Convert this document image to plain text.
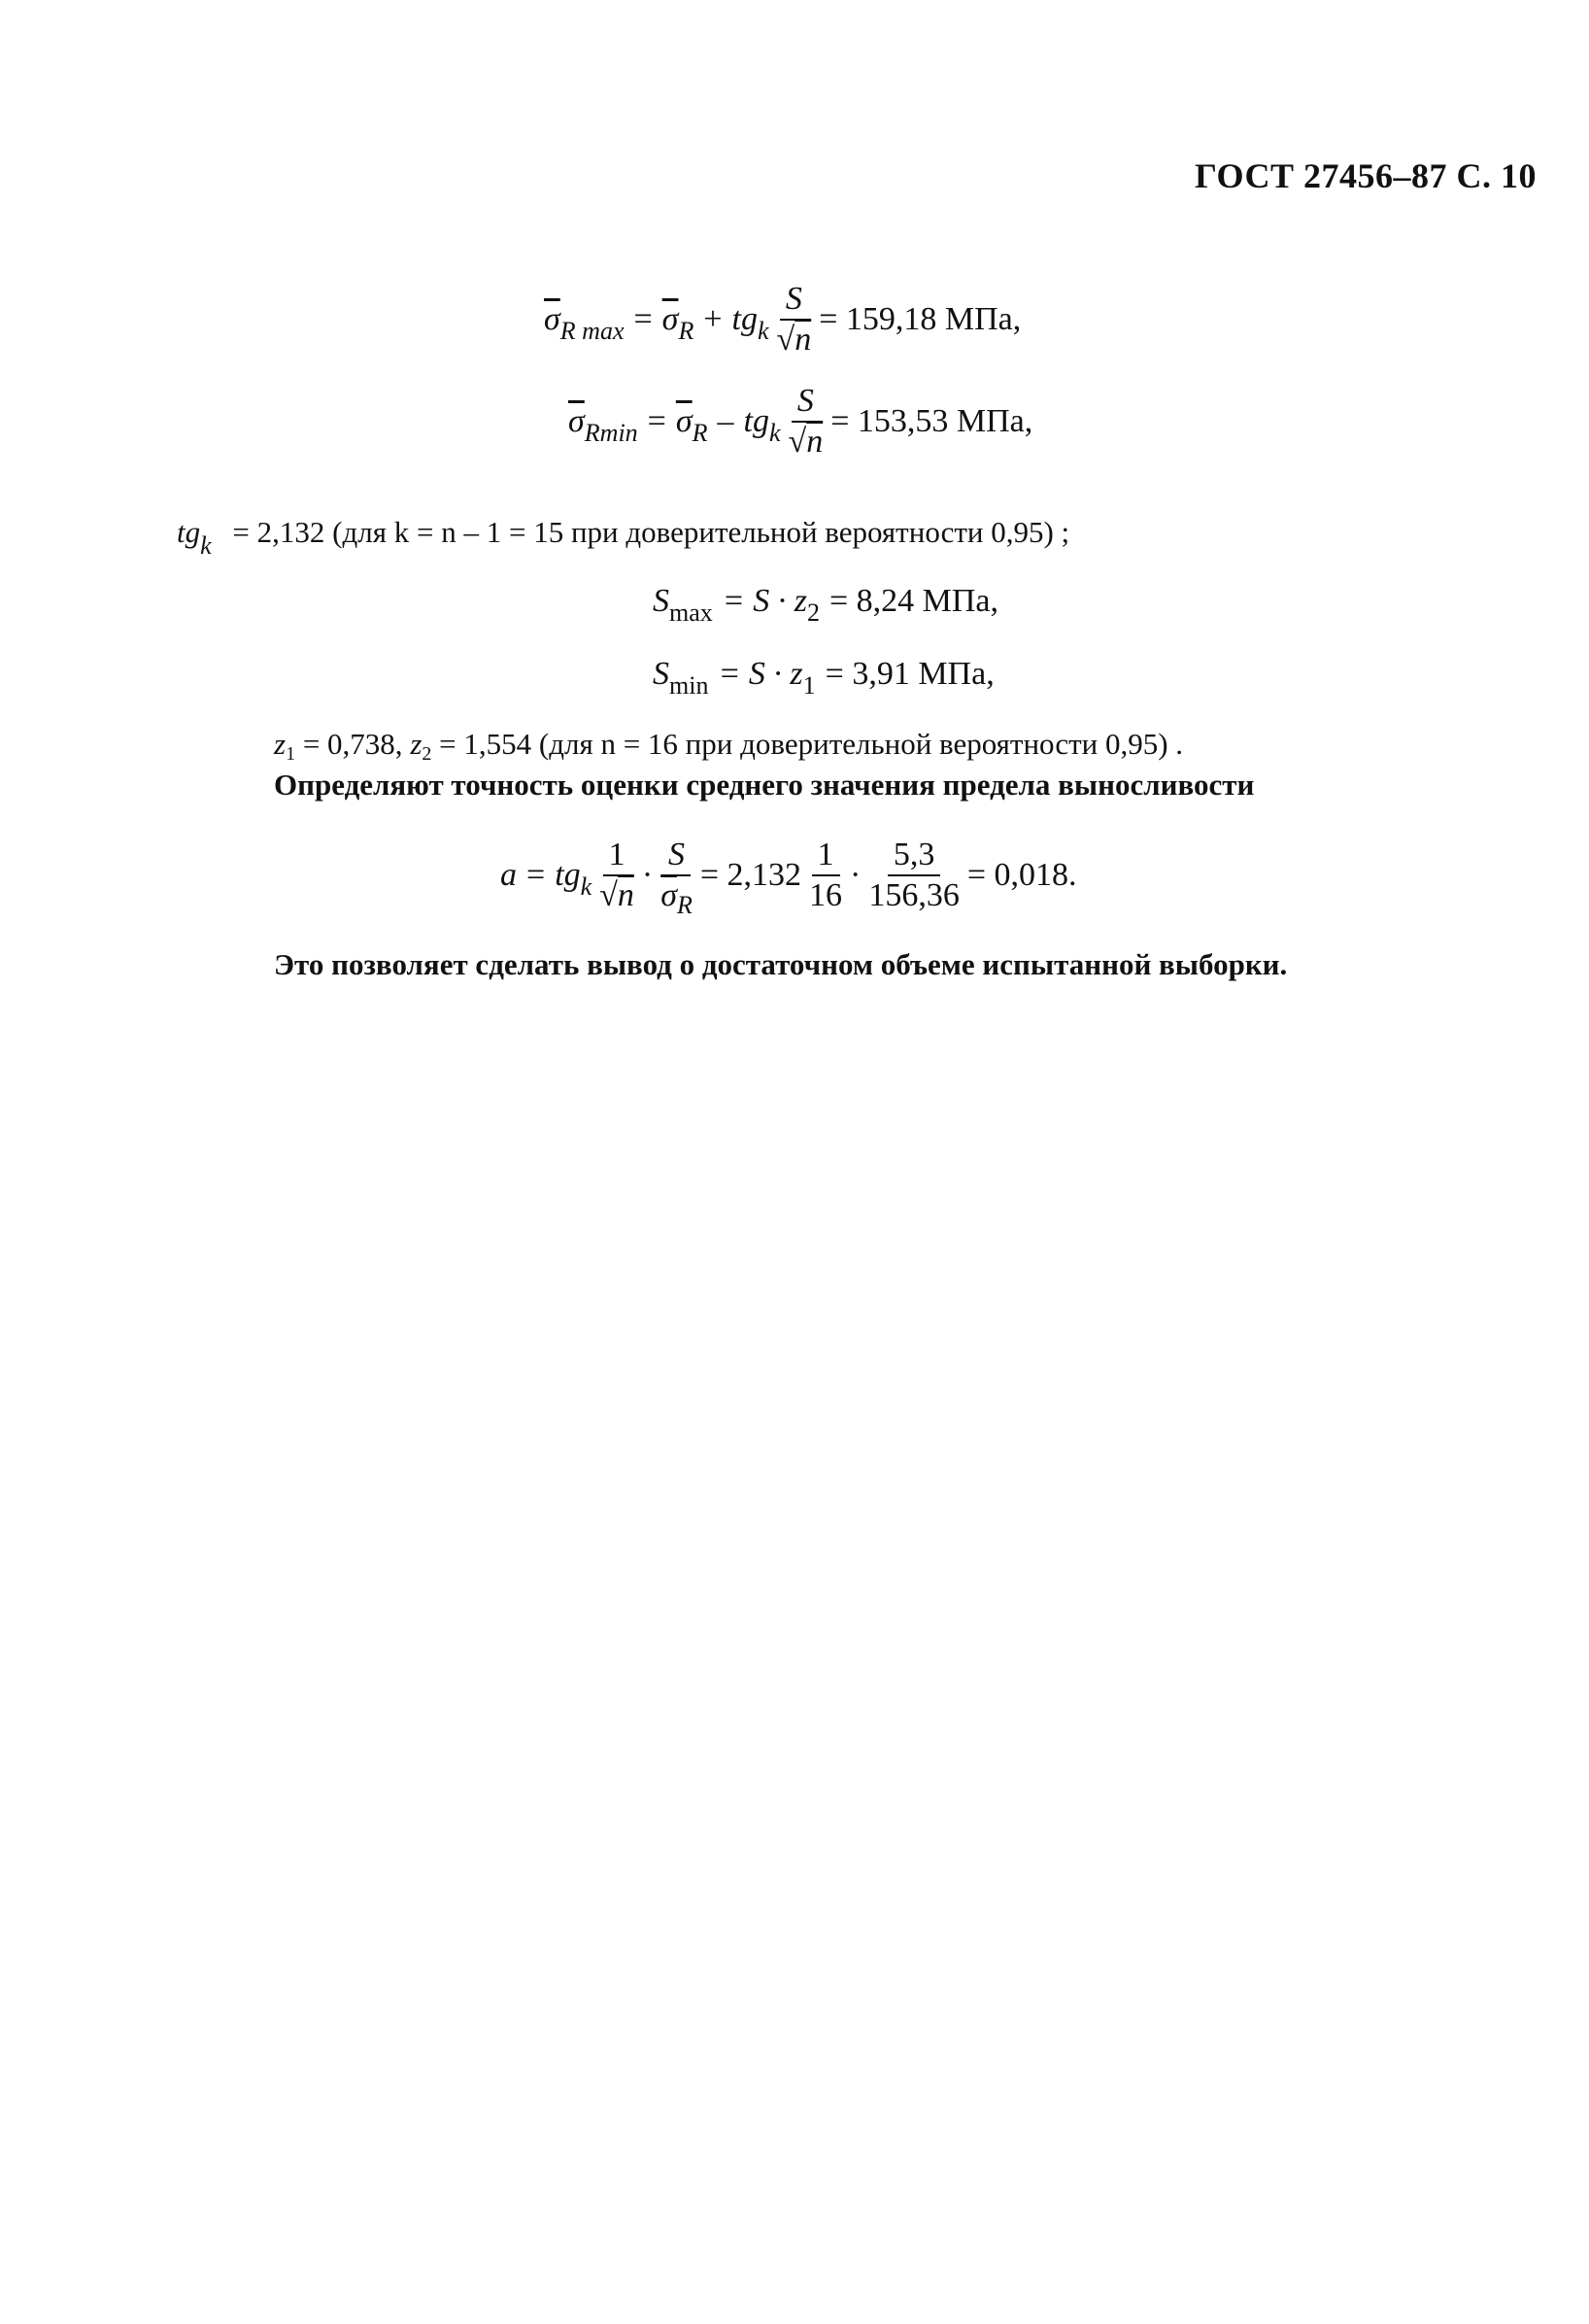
ГОСТ 27456–87 С. 10
$\overline{\sigma}$ R $\max = \overline{\sigma}$ R + tg k $\frac{S}{√n} = 159,18$ МПа,
$\overline{\sigma}$ $Rmin = \overline{\sigma}$ R – tg k $\frac{S}{√n} = 153,53$ МПа,
$tg_k = 2,132$ (для k = n – 1 = 15 при доверительной вероятности 0,95) ;
S max = S · z 2 = 8,24 МПа,
S min = S · z 1 = 3,91 МПа,
z1 = 0,738, z2 = 1,554 (для n = 16 при доверительной вероятности 0,95) .
Определяют точность оценки среднего значения предела выносливости
a = tg k $\frac{1}{√n} \cdot \frac{S}{\overline{\sigma}_R} = 2,132 \frac{1}{16} \cdot \frac{5,3}{156,36} = 0,018$.
Это позволяет сделать вывод о достаточном объеме испытанной выборки.
